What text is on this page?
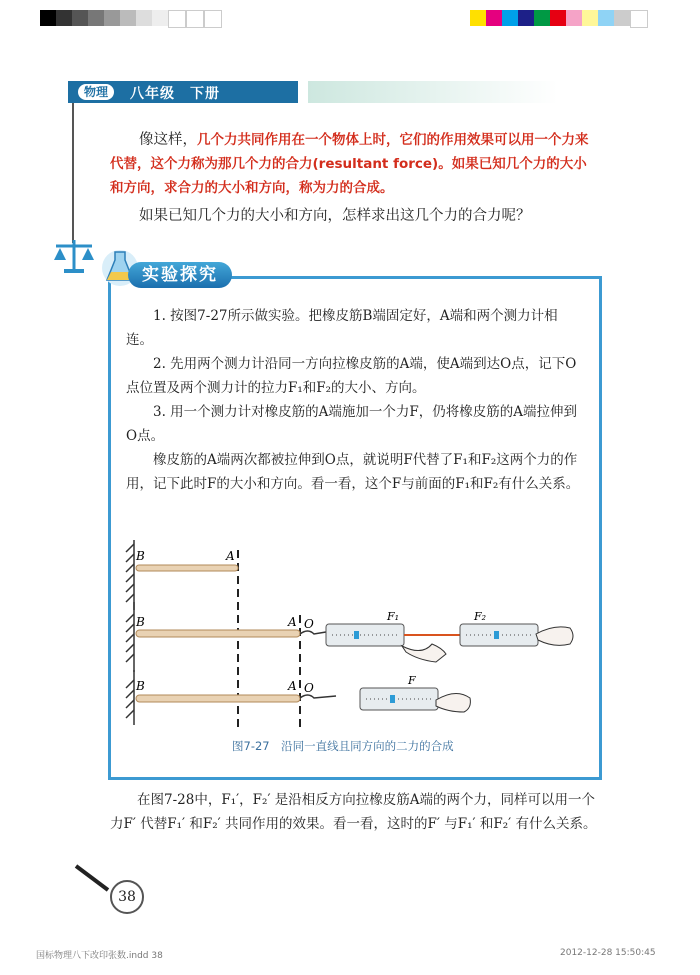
物理	八年级　下册

像这样，几个力共同作用在一个物体上时，它们的作用效果可以用一个力来代替，这个力称为那几个力的合力(resultant force)。如果已知几个力的大小和方向，求合力的大小和方向，称为力的合成。

如果已知几个力的大小和方向，怎样求出这几个力的合力呢？

实验探究

1. 按图7-27所示做实验。把橡皮筋B端固定好，A端和两个测力计相连。

2. 先用两个测力计沿同一方向拉橡皮筋的A端，使A端到达O点，记下O点位置及两个测力计的拉力F₁和F₂的大小、方向。

3. 用一个测力计对橡皮筋的A端施加一个力F，仍将橡皮筋的A端拉伸到O点。

橡皮筋的A端两次都被拉伸到O点，就说明F代替了F₁和F₂这两个力的作用，记下此时F的大小和方向。看一看，这个F与前面的F₁和F₂有什么关系。

B	A
B	A O
F₁	F₂
B	A O
F
图7-27　沿同一直线且同方向的二力的合成

在图7-28中，F₁′，F₂′ 是沿相反方向拉橡皮筋A端的两个力，同样可以用一个力F′ 代替F₁′ 和F₂′ 共同作用的效果。看一看，这时的F′ 与F₁′ 和F₂′ 有什么关系。

38
国标物理八下改印张数.indd 38	2012-12-28 15:50:45
